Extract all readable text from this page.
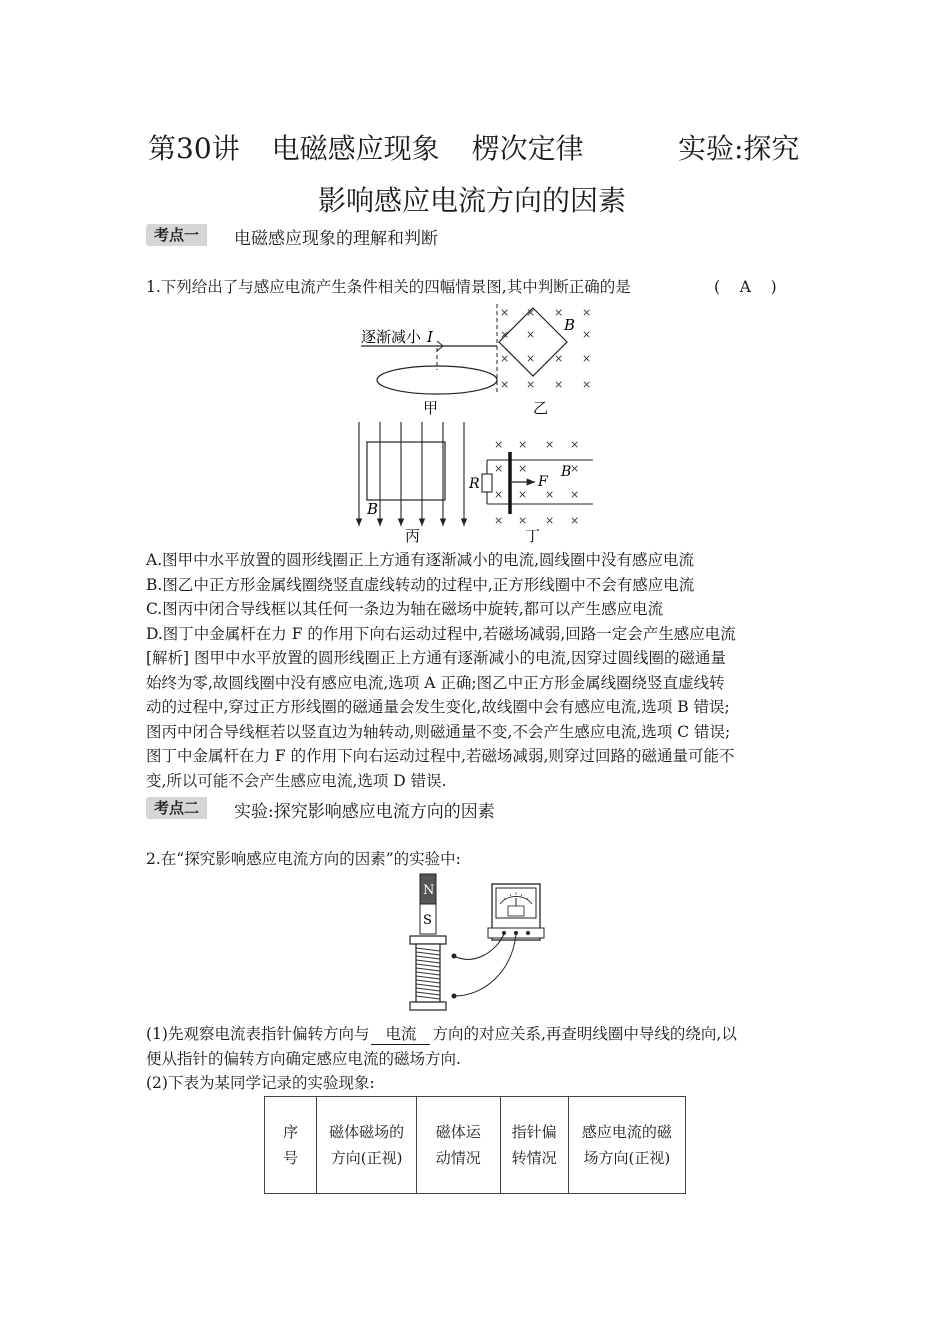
第30讲 电磁感应现象 楞次定律	实验:探究
影响感应电流方向的因素
考点一	电磁感应现象的理解和判断
1.下列给出了与感应电流产生条件相关的四幅情景图,其中判断正确的是	(    A    )
逐渐减小 I
甲
× × × ×
× ×	×
× × × ×
× × × ×
B
乙
B
丙
R	F
B
× × × ×
× ×	×
× × × ×
× × × ×
丁

A.图甲中水平放置的圆形线圈正上方通有逐渐减小的电流,圆线圈中没有感应电流

B.图乙中正方形金属线圈绕竖直虚线转动的过程中,正方形线圈中不会有感应电流

C.图丙中闭合导线框以其任何一条边为轴在磁场中旋转,都可以产生感应电流

D.图丁中金属杆在力 F 的作用下向右运动过程中,若磁场减弱,回路一定会产生感应电流

[解析] 图甲中水平放置的圆形线圈正上方通有逐渐减小的电流,因穿过圆线圈的磁通量

始终为零,故圆线圈中没有感应电流,选项 A 正确;图乙中正方形金属线圈绕竖直虚线转

动的过程中,穿过正方形线圈的磁通量会发生变化,故线圈中会有感应电流,选项 B 错误;

图丙中闭合导线框若以竖直边为轴转动,则磁通量不变,不会产生感应电流,选项 C 错误;

图丁中金属杆在力 F 的作用下向右运动过程中,若磁场减弱,则穿过回路的磁通量可能不

变,所以可能不会产生感应电流,选项 D 错误.

考点二	实验:探究影响感应电流方向的因素
2.在“探究影响感应电流方向的因素”的实验中:
N
S

(1)先观察电流表指针偏转方向与 电流 方向的对应关系,再查明线圈中导线的绕向,以

便从指针的偏转方向确定感应电流的磁场方向.

(2)下表为某同学记录的实验现象:

序
号

磁体磁场的
方向(正视)

磁体运
动情况

指针偏
转情况

感应电流的磁
场方向(正视)
